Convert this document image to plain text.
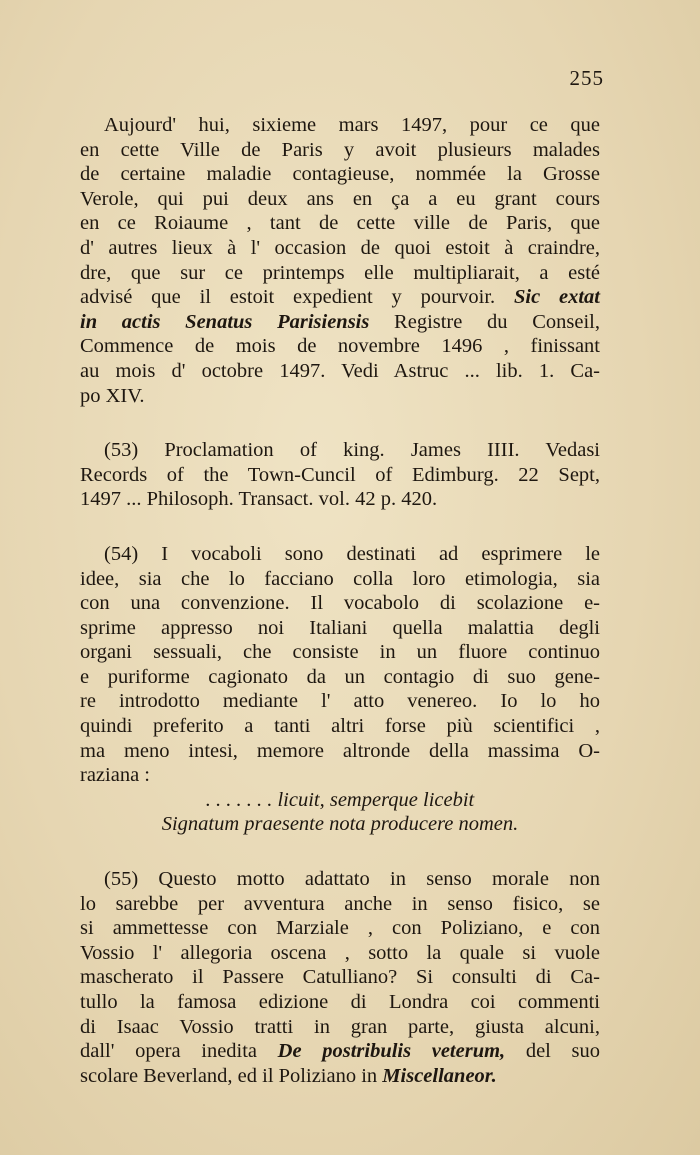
255
Aujourd' hui, sixieme mars 1497, pour ce que
en cette Ville de Paris y avoit plusieurs malades
de certaine maladie contagieuse, nommée la Grosse
Verole, qui pui deux ans en ça a eu grant cours
en ce Roiaume , tant de cette ville de Paris, que
d' autres lieux à l' occasion de quoi estoit à craindre,
dre, que sur ce printemps elle multipliarait, a esté
advisé que il estoit expedient y pourvoir. Sic extat
in actis Senatus Parisiensis Registre du Conseil,
Commence de mois de novembre 1496 , finissant
au mois d' octobre 1497. Vedi Astruc ... lib. 1. Ca-
po XIV.
(53) Proclamation of king. James IIII. Vedasi
Records of the Town-Cuncil of Edimburg. 22 Sept,
1497 ... Philosoph. Transact. vol. 42 p. 420.
(54) I vocaboli sono destinati ad esprimere le
idee, sia che lo facciano colla loro etimologia, sia
con una convenzione. Il vocabolo di scolazione e-
sprime appresso noi Italiani quella malattia degli
organi sessuali, che consiste in un fluore continuo
e puriforme cagionato da un contagio di suo gene-
re introdotto mediante l' atto venereo. Io lo ho
quindi preferito a tanti altri forse più scientifici ,
ma meno intesi, memore altronde della massima O-
raziana :
. . . . . . . licuit, semperque licebit
Signatum praesente nota producere nomen.
(55) Questo motto adattato in senso morale non
lo sarebbe per avventura anche in senso fisico, se
si ammettesse con Marziale , con Poliziano, e con
Vossio l' allegoria oscena , sotto la quale si vuole
mascherato il Passere Catulliano? Si consulti di Ca-
tullo la famosa edizione di Londra coi commenti
di Isaac Vossio tratti in gran parte, giusta alcuni,
dall' opera inedita De postribulis veterum, del suo
scolare Beverland, ed il Poliziano in Miscellaneor.
